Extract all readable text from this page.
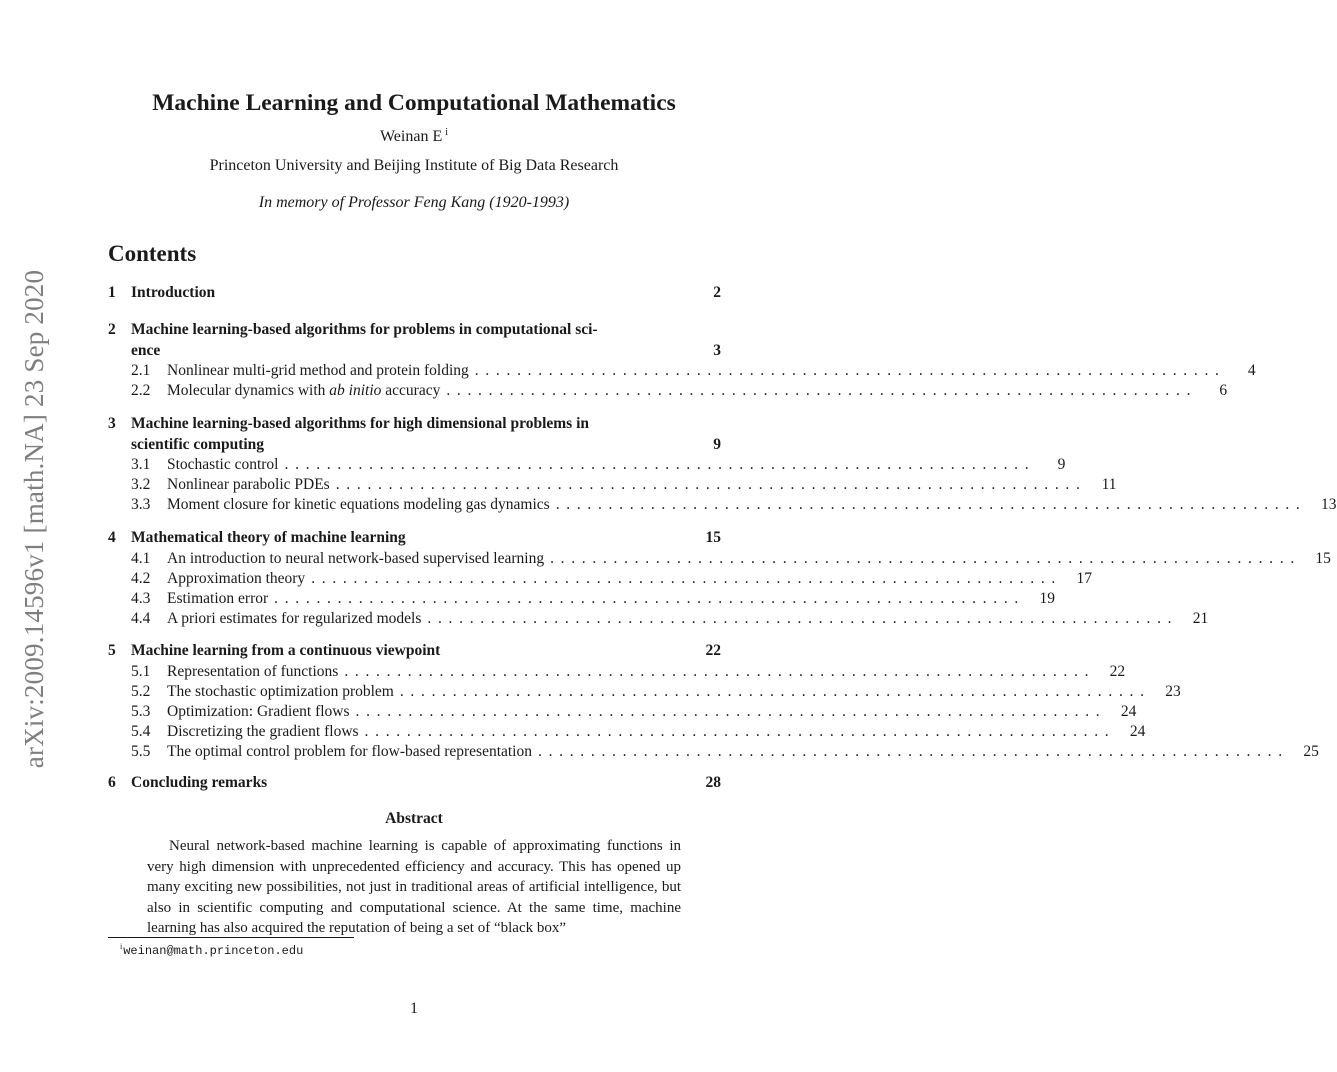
arXiv:2009.14596v1 [math.NA] 23 Sep 2020
Machine Learning and Computational Mathematics
Weinan E $^i$
Princeton University and Beijing Institute of Big Data Research
In memory of Professor Feng Kang (1920-1993)
Contents
1 Introduction	2
2 Machine learning-based algorithms for problems in computational sci-
ence	3
2.1	Nonlinear multi-grid method and protein folding .......................................................................	4
2.2	Molecular dynamics with ab initio accuracy .......................................................................	6
3 Machine learning-based algorithms for high dimensional problems in
scientific computing	9
3.1	Stochastic control .......................................................................	9
3.2	Nonlinear parabolic PDEs ....................................................................... 11
3.3	Moment closure for kinetic equations modeling gas dynamics ....................................................................... 13
4 Mathematical theory of machine learning	15
4.1	An introduction to neural network-based supervised learning ....................................................................... 15
4.2	Approximation theory ....................................................................... 17
4.3	Estimation error ....................................................................... 19
4.4	A priori estimates for regularized models ....................................................................... 21
5 Machine learning from a continuous viewpoint	22
5.1	Representation of functions ....................................................................... 22
5.2	The stochastic optimization problem ....................................................................... 23
5.3	Optimization: Gradient flows ....................................................................... 24
5.4	Discretizing the gradient flows ....................................................................... 24
5.5	The optimal control problem for flow-based representation ....................................................................... 25
6 Concluding remarks	28
Abstract
Neural network-based machine learning is capable of approximating functions in very high dimension with unprecedented efficiency and accuracy. This has opened up many exciting new possibilities, not just in traditional areas of artificial intelligence, but also in scientific computing and computational science. At the same time, machine learning has also acquired the reputation of being a set of “black box”
$^i$weinan@math.princeton.edu
1
